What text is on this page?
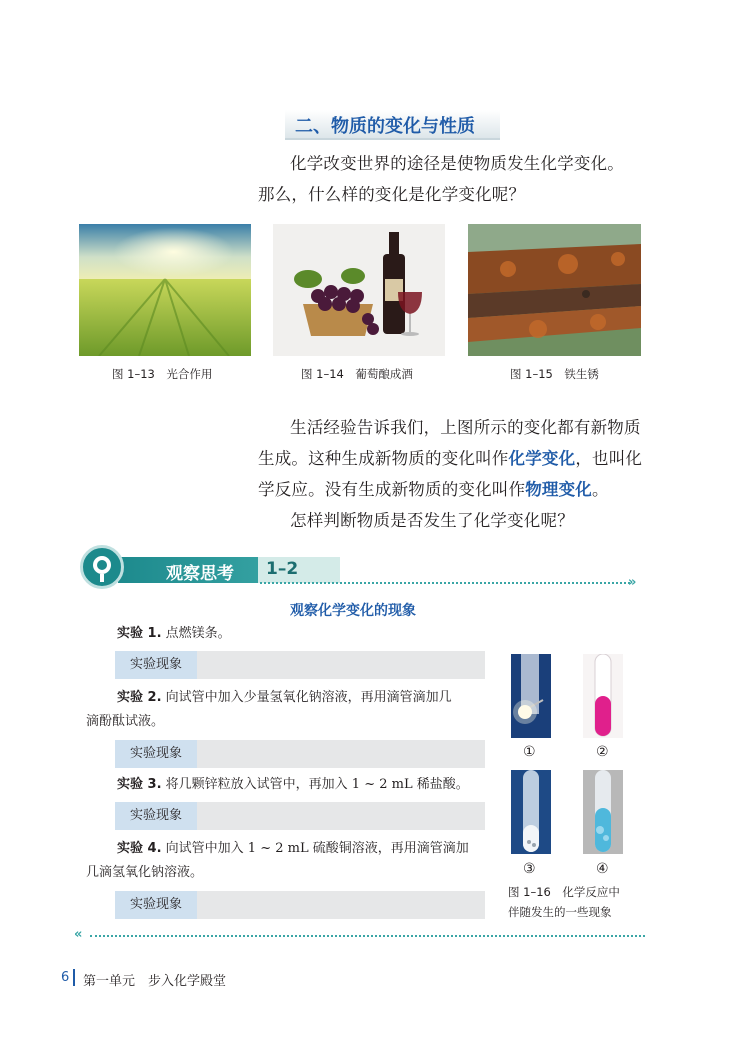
二、物质的变化与性质
化学改变世界的途径是使物质发生化学变化。
那么，什么样的变化是化学变化呢？
图 1–13　光合作用	图 1–14　葡萄酿成酒	图 1–15　铁生锈
生活经验告诉我们，上图所示的变化都有新物质
生成。这种生成新物质的变化叫作化学变化，也叫化
学反应。没有生成新物质的变化叫作物理变化。
怎样判断物质是否发生了化学变化呢？
观察思考 1–2
»
观察化学变化的现象
实验 1. 点燃镁条。
实验现象
实验 2. 向试管中加入少量氢氧化钠溶液，再用滴管滴加几
滴酚酞试液。
实验现象
实验 3. 将几颗锌粒放入试管中，再加入 1 ~ 2 mL 稀盐酸。
实验现象
实验 4. 向试管中加入 1 ~ 2 mL 硫酸铜溶液，再用滴管滴加
几滴氢氧化钠溶液。
实验现象
①	②
③	④
图 1–16　化学反应中
伴随发生的一些现象
«
6 第一单元　步入化学殿堂
